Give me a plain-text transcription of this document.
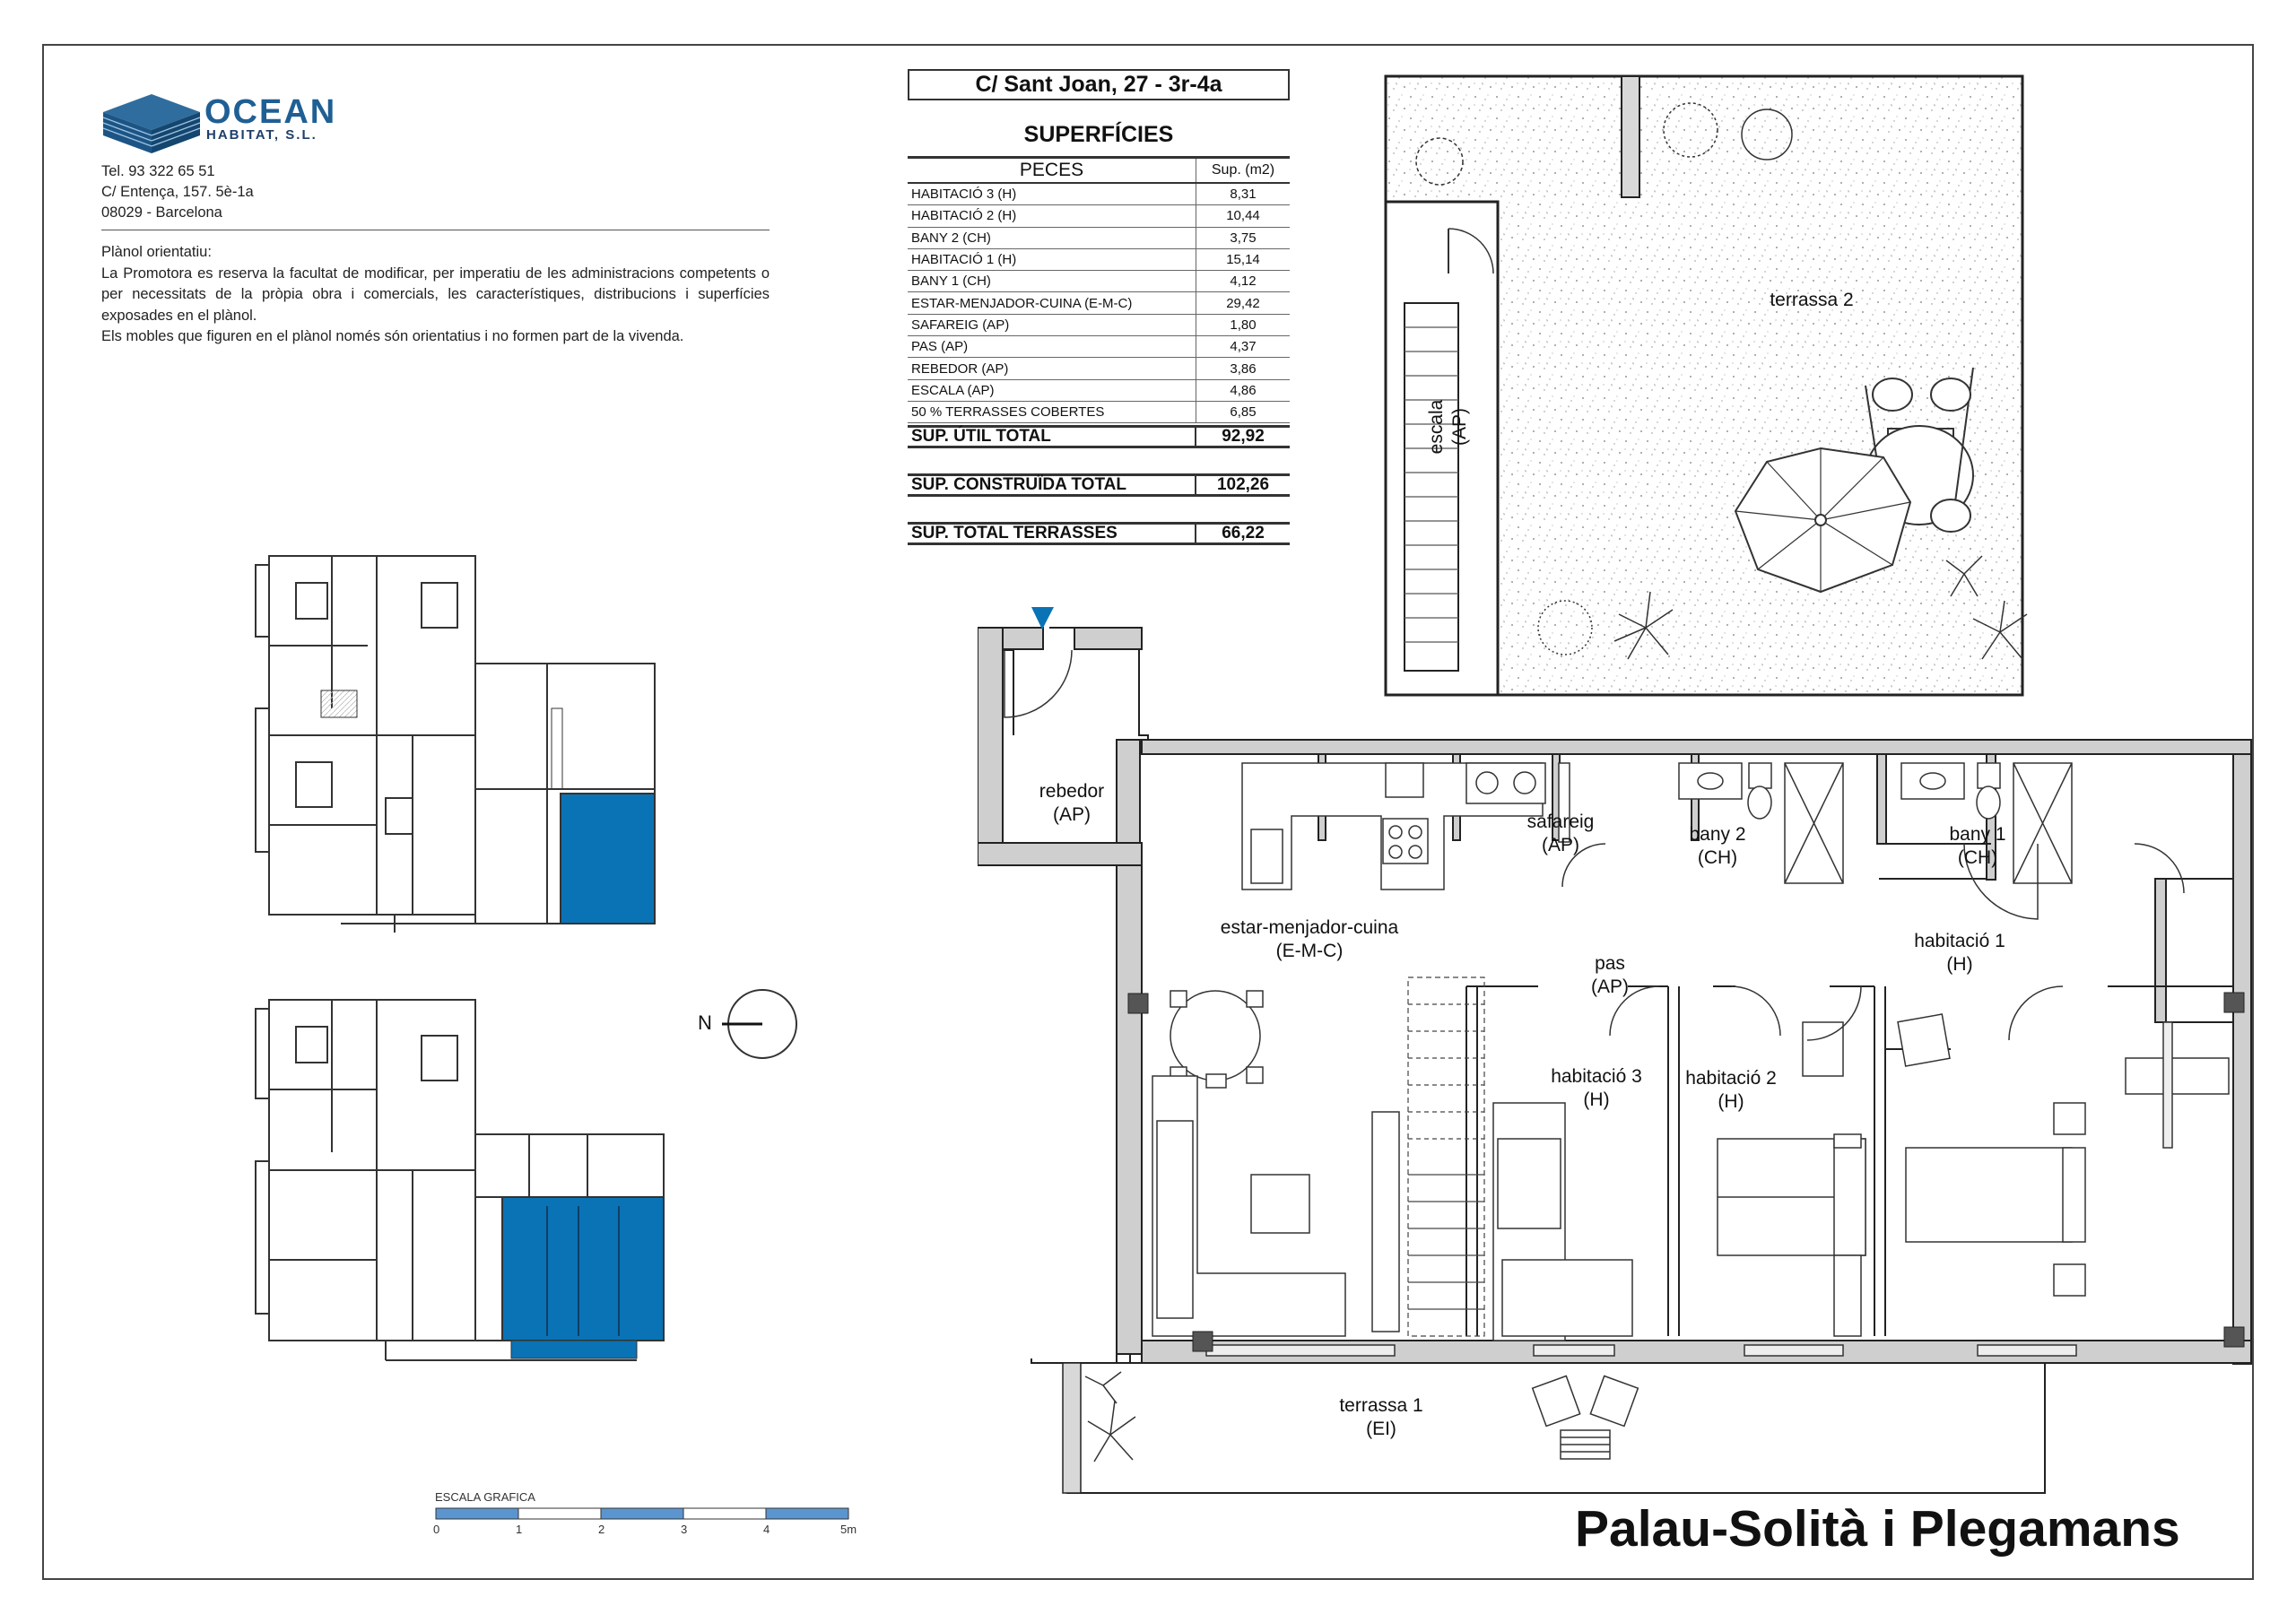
OCEAN
HABITAT, S.L.
Tel. 93 322 65 51
C/ Entença, 157. 5è-1a
08029 - Barcelona
Plànol orientatiu:
La Promotora es reserva la facultat de modificar, per imperatiu de les administracions competents o per necessitats de la pròpia obra i comercials, les característiques, distribucions i superfícies exposades en el plànol.
Els mobles que figuren en el plànol només són orientatius i no formen part de la vivenda.
C/ Sant Joan, 27 - 3r-4a
SUPERFÍCIES
PECES	Sup. (m2)
HABITACIÓ 3 (H)	8,31
HABITACIÓ 2 (H)	10,44
BANY 2 (CH)	3,75
HABITACIÓ 1 (H)	15,14
BANY 1 (CH)	4,12
ESTAR-MENJADOR-CUINA (E-M-C)	29,42
SAFAREIG (AP)	1,80
PAS (AP)	4,37
REBEDOR (AP)	3,86
ESCALA (AP)	4,86
50 % TERRASSES COBERTES	6,85
SUP. ÚTIL TOTAL	92,92
SUP. CONSTRUÏDA TOTAL	102,26
SUP. TOTAL TERRASSES	66,22
N
ESCALA GRAFICA
0	1	2	3	4	5m
terrassa 2
escala (AP)
rebedor
(AP)	safareig
(AP)
bany 2
(CH)
bany 1
(CH)
estar-menjador-cuina
(E-M-C)
pas
(AP)
habitació 1
(H)
habitació 3
(H)
habitació 2
(H)
terrassa 1
(EI)
Palau-Solità i Plegamans
